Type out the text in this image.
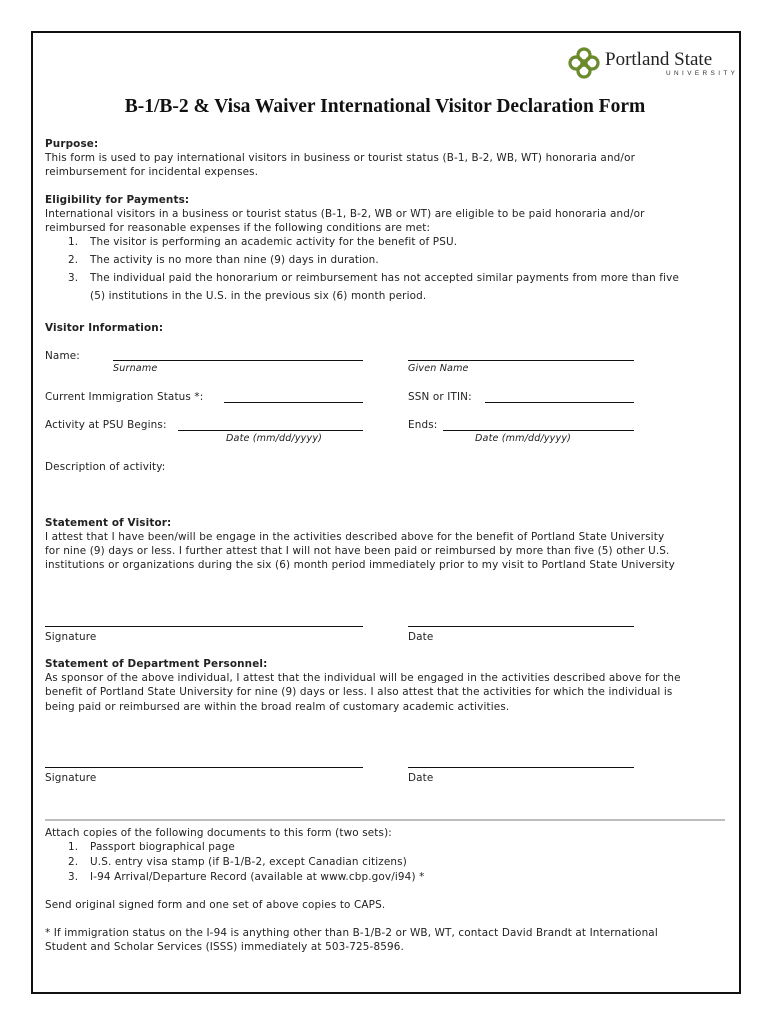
Portland State
UNIVERSITY
B-1/B-2 & Visa Waiver International Visitor Declaration Form
Purpose:
This form is used to pay international visitors in business or tourist status (B-1, B-2, WB, WT) honoraria and/or
reimbursement for incidental expenses.
Eligibility for Payments:
International visitors in a business or tourist status (B-1, B-2, WB or WT) are eligible to be paid honoraria and/or
reimbursed for reasonable expenses if the following conditions are met:
1. The visitor is performing an academic activity for the benefit of PSU.
2. The activity is no more than nine (9) days in duration.
3. The individual paid the honorarium or reimbursement has not accepted similar payments from more than five
(5) institutions in the U.S. in the previous six (6) month period.
Visitor Information:
Name:
Surname	Given Name
Current Immigration Status *:	SSN or ITIN:
Activity at PSU Begins:
Date (mm/dd/yyyy)
Ends:
Date (mm/dd/yyyy)
Description of activity:
Statement of Visitor:
I attest that I have been/will be engage in the activities described above for the benefit of Portland State University
for nine (9) days or less. I further attest that I will not have been paid or reimbursed by more than five (5) other U.S.
institutions or organizations during the six (6) month period immediately prior to my visit to Portland State University
Signature	Date
Statement of Department Personnel:
As sponsor of the above individual, I attest that the individual will be engaged in the activities described above for the
benefit of Portland State University for nine (9) days or less. I also attest that the activities for which the individual is
being paid or reimbursed are within the broad realm of customary academic activities.
Signature	Date
Attach copies of the following documents to this form (two sets):
1. Passport biographical page
2. U.S. entry visa stamp (if B-1/B-2, except Canadian citizens)
3. I-94 Arrival/Departure Record (available at www.cbp.gov/i94) *
Send original signed form and one set of above copies to CAPS.
* If immigration status on the I-94 is anything other than B-1/B-2 or WB, WT, contact David Brandt at International
Student and Scholar Services (ISSS) immediately at 503-725-8596.
